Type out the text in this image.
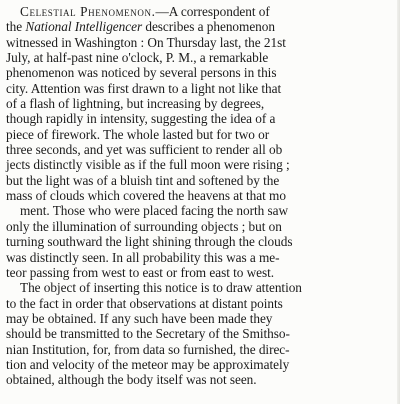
Celestial Phenomenon.—A correspondent of
the National Intelligencer describes a phenomenon
witnessed in Washington : On Thursday last, the 21st
July, at half-past nine o'clock, P. M., a remarkable
phenomenon was noticed by several persons in this
city. Attention was first drawn to a light not like that
of a flash of lightning, but increasing by degrees,
though rapidly in intensity, suggesting the idea of a
piece of firework. The whole lasted but for two or
three seconds, and yet was sufficient to render all ob
jects distinctly visible as if the full moon were rising ;
but the light was of a bluish tint and softened by the
mass of clouds which covered the heavens at that mo
ment. Those who were placed facing the north saw
only the illumination of surrounding objects ; but on
turning southward the light shining through the clouds
was distinctly seen. In all probability this was a me-
teor passing from west to east or from east to west.
The object of inserting this notice is to draw attention
to the fact in order that observations at distant points
may be obtained. If any such have been made they
should be transmitted to the Secretary of the Smithso-
nian Institution, for, from data so furnished, the direc-
tion and velocity of the meteor may be approximately
obtained, although the body itself was not seen.
